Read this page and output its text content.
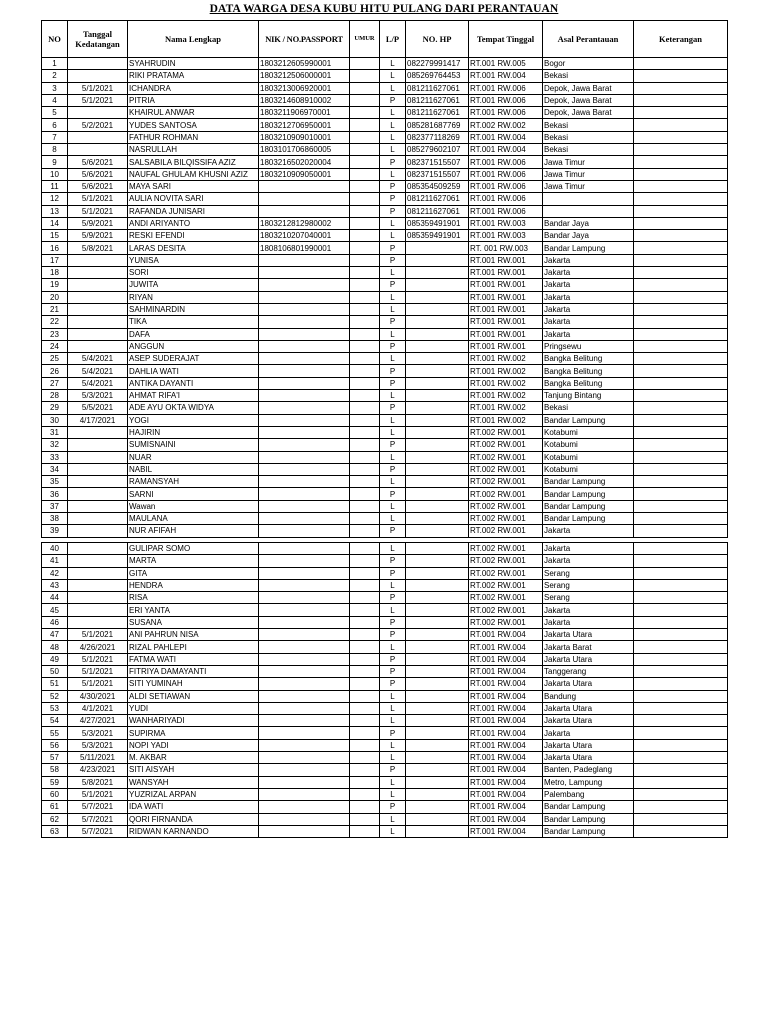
DATA WARGA DESA KUBU HITU PULANG DARI PERANTAUAN
NO	Tanggal Kedatangan	Nama Lengkap	NIK / NO.PASSPORT	UMUR	L/P	NO. HP	Tempat Tinggal	Asal Perantauan	Keterangan
1		SYAHRUDIN	1803212605990001		L	082279991417	RT.001 RW.005	Bogor	
2		RIKI PRATAMA	1803212506000001		L	085269764453	RT.001 RW.004	Bekasi	
3	5/1/2021	ICHANDRA	1803213006920001		L	081211627061	RT.001 RW.006	Depok, Jawa Barat	
4	5/1/2021	PITRIA	1803214608910002		P	081211627061	RT.001 RW.006	Depok, Jawa Barat	
5		KHAIRUL ANWAR	1803211906970001		L	081211627061	RT.001 RW.006	Depok, Jawa Barat	
6	5/2/2021	YUDES SANTOSA	1803212706950001		L	085281687769	RT.002 RW.002	Bekasi	
7		FATHUR ROHMAN	1803210909010001		L	082377118269	RT.001 RW.004	Bekasi	
8		NASRULLAH	1803101706860005		L	085279602107	RT.001 RW.004	Bekasi	
9	5/6/2021	SALSABILA BILQISSIFA AZIZ	1803216502020004		P	082371515507	RT.001 RW.006	Jawa Timur	
10	5/6/2021	NAUFAL GHULAM KHUSNI AZIZ	1803210909050001		L	082371515507	RT.001 RW.006	Jawa Timur	
11	5/6/2021	MAYA SARI			P	085354509259	RT.001 RW.006	Jawa Timur	
12	5/1/2021	AULIA NOVITA SARI			P	081211627061	RT.001 RW.006		
13	5/1/2021	RAFANDA JUNISARI			P	081211627061	RT.001 RW.006		
14	5/9/2021	ANDI ARIYANTO	1803212812980002		L	085359491901	RT.001 RW.003	Bandar Jaya	
15	5/9/2021	RESKI EFENDI	1803210207040001		L	085359491901	RT.001 RW.003	Bandar Jaya	
16	5/8/2021	LARAS DESITA	1808106801990001		P		RT. 001 RW.003	Bandar Lampung	
17		YUNISA			P		RT.001 RW.001	Jakarta	
18		SORI			L		RT.001 RW.001	Jakarta	
19		JUWITA			P		RT.001 RW.001	Jakarta	
20		RIYAN			L		RT.001 RW.001	Jakarta	
21		SAHMINARDIN			L		RT.001 RW.001	Jakarta	
22		TIKA			P		RT.001 RW.001	Jakarta	
23		DAFA			L		RT.001 RW.001	Jakarta	
24		ANGGUN			P		RT.001 RW.001	Pringsewu	
25	5/4/2021	ASEP SUDERAJAT			L		RT.001 RW.002	Bangka Belitung	
26	5/4/2021	DAHLIA WATI			P		RT.001 RW.002	Bangka Belitung	
27	5/4/2021	ANTIKA DAYANTI			P		RT.001 RW.002	Bangka Belitung	
28	5/3/2021	AHMAT RIFA'I			L		RT.001 RW.002	Tanjung Bintang	
29	5/5/2021	ADE AYU OKTA WIDYA			P		RT.001 RW.002	Bekasi	
30	4/17/2021	YOGI			L		RT.001 RW.002	Bandar Lampung	
31		HAJIRIN			L		RT.002 RW.001	Kotabumi	
32		SUMISNAINI			P		RT.002 RW.001	Kotabumi	
33		NUAR			L		RT.002 RW.001	Kotabumi	
34		NABIL			P		RT.002 RW.001	Kotabumi	
35		RAMANSYAH			L		RT.002 RW.001	Bandar Lampung	
36		SARNI			P		RT.002 RW.001	Bandar Lampung	
37		Wawan			L		RT.002 RW.001	Bandar Lampung	
38		MAULANA			L		RT.002 RW.001	Bandar Lampung	
39		NUR AFIFAH			P		RT.002 RW.001	Jakarta	
40		GULIPAR SOMO			L		RT.002 RW.001	Jakarta	
41		MARTA			P		RT.002 RW.001	Jakarta	
42		GITA			P		RT.002 RW.001	Serang	
43		HENDRA			L		RT.002 RW.001	Serang	
44		RISA			P		RT.002 RW.001	Serang	
45		ERI YANTA			L		RT.002 RW.001	Jakarta	
46		SUSANA			P		RT.002 RW.001	Jakarta	
47	5/1/2021	ANI PAHRUN NISA			P		RT.001 RW.004	Jakarta Utara	
48	4/26/2021	RIZAL PAHLEPI			L		RT.001 RW.004	Jakarta Barat	
49	5/1/2021	FATMA WATI			P		RT.001 RW.004	Jakarta Utara	
50	5/1/2021	FITRIYA DAMAYANTI			P		RT.001 RW.004	Tanggerang	
51	5/1/2021	SITI YUMINAH			P		RT.001 RW.004	Jakarta Utara	
52	4/30/2021	ALDI SETIAWAN			L		RT.001 RW.004	Bandung	
53	4/1/2021	YUDI			L		RT.001 RW.004	Jakarta Utara	
54	4/27/2021	WANHARIYADI			L		RT.001 RW.004	Jakarta Utara	
55	5/3/2021	SUPIRMA			P		RT.001 RW.004	Jakarta	
56	5/3/2021	NOPI YADI			L		RT.001 RW.004	Jakarta Utara	
57	5/11/2021	M. AKBAR			L		RT.001 RW.004	Jakarta Utara	
58	4/23/2021	SITI AISYAH			P		RT.001 RW.004	Banten, Padeglang	
59	5/8/2021	WANSYAH			L		RT.001 RW.004	Metro, Lampung	
60	5/1/2021	YUZRIZAL ARPAN			L		RT.001 RW.004	Palembang	
61	5/7/2021	IDA WATI			P		RT.001 RW.004	Bandar Lampung	
62	5/7/2021	QORI FIRNANDA			L		RT.001 RW.004	Bandar Lampung	
63	5/7/2021	RIDWAN KARNANDO			L		RT.001 RW.004	Bandar Lampung	
